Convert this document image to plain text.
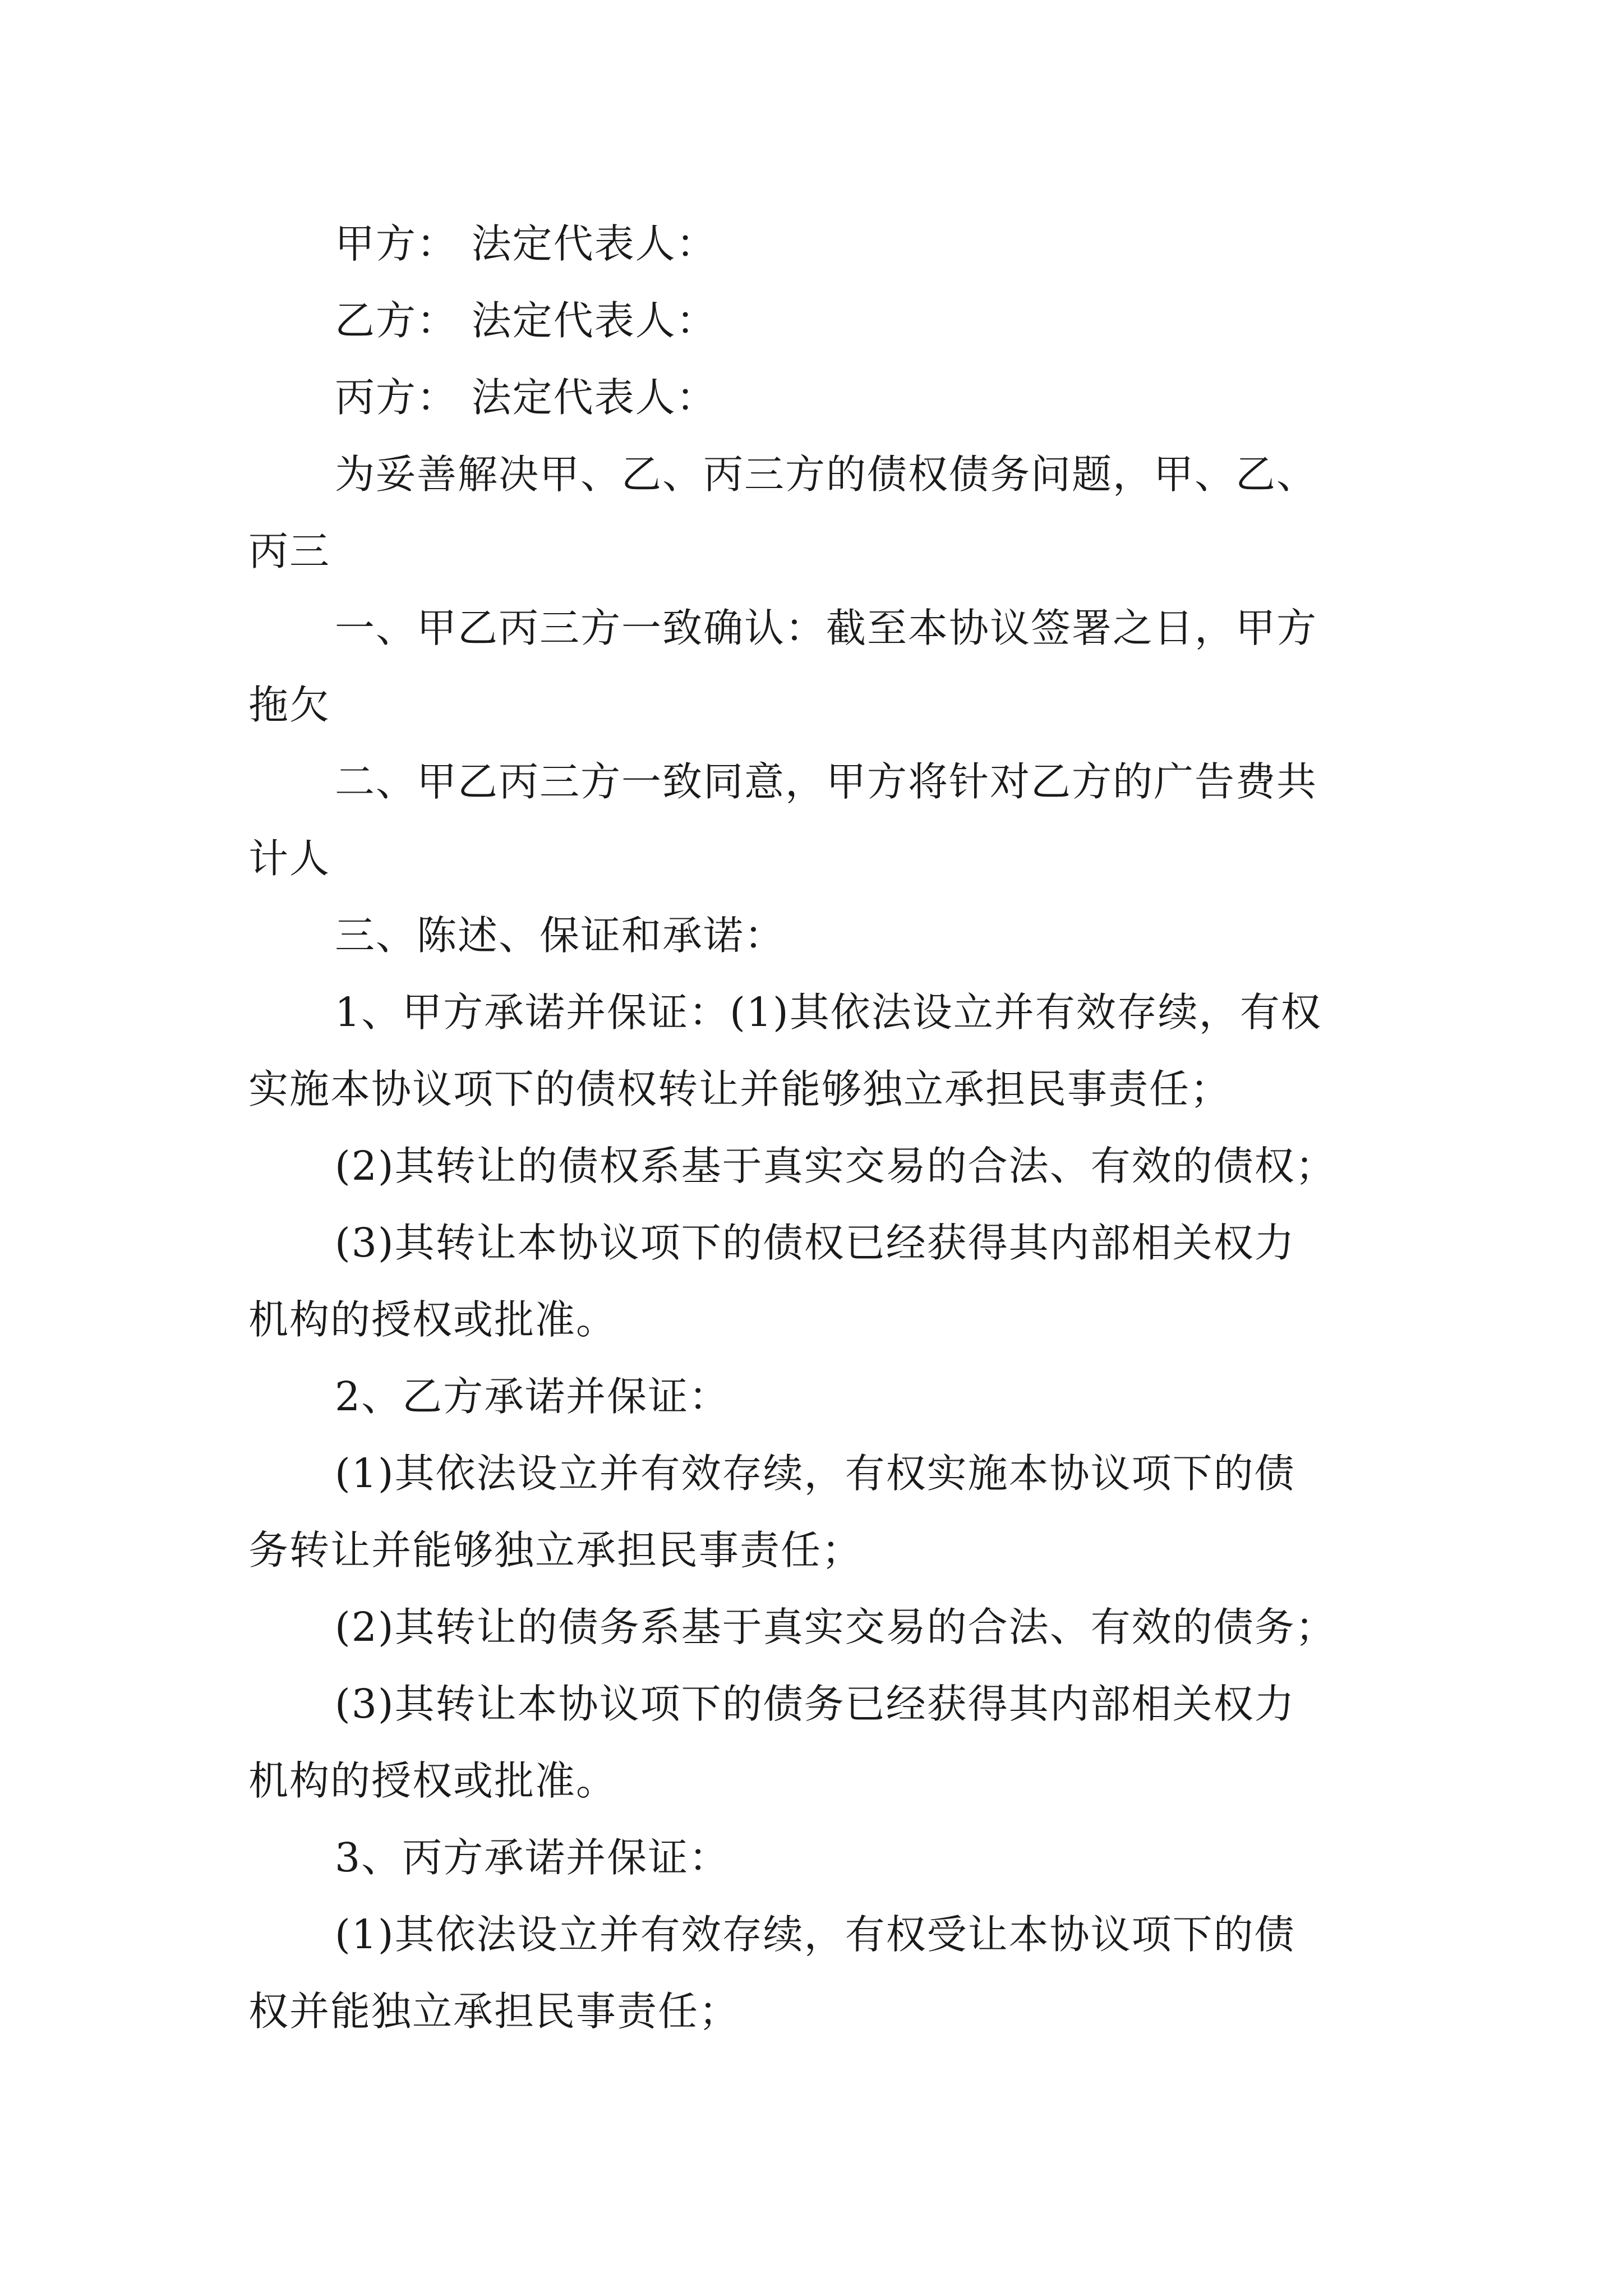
甲方： 法定代表人：
乙方： 法定代表人：
丙方： 法定代表人：
为妥善解决甲、乙、丙三方的债权债务问题，甲、乙、
丙三
一、甲乙丙三方一致确认：截至本协议签署之日，甲方
拖欠
二、甲乙丙三方一致同意，甲方将针对乙方的广告费共
计人
三、陈述、保证和承诺：
1、甲方承诺并保证：(1)其依法设立并有效存续，有权
实施本协议项下的债权转让并能够独立承担民事责任；
(2)其转让的债权系基于真实交易的合法、有效的债权；
(3)其转让本协议项下的债权已经获得其内部相关权力
机构的授权或批准。
2、乙方承诺并保证：
(1)其依法设立并有效存续，有权实施本协议项下的债
务转让并能够独立承担民事责任；
(2)其转让的债务系基于真实交易的合法、有效的债务；
(3)其转让本协议项下的债务已经获得其内部相关权力
机构的授权或批准。
3、丙方承诺并保证：
(1)其依法设立并有效存续，有权受让本协议项下的债
权并能独立承担民事责任；
